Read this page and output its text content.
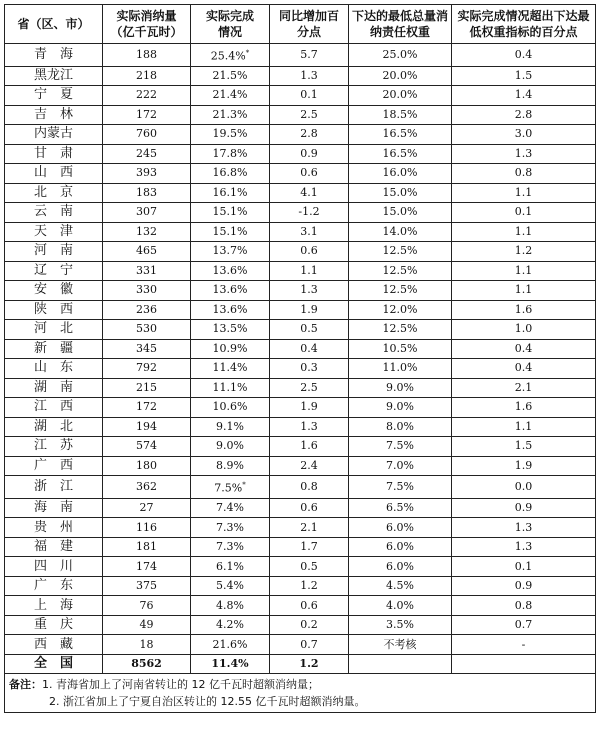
省（区、市）	实际消纳量（亿千瓦时）	实际完成情况	同比增加百分点	下达的最低总量消纳责任权重	实际完成情况超出下达最低权重指标的百分点
青　海	188	25.4%*	5.7	25.0%	0.4
黑龙江	218	21.5%	1.3	20.0%	1.5
宁　夏	222	21.4%	0.1	20.0%	1.4
吉　林	172	21.3%	2.5	18.5%	2.8
内蒙古	760	19.5%	2.8	16.5%	3.0
甘　肃	245	17.8%	0.9	16.5%	1.3
山　西	393	16.8%	0.6	16.0%	0.8
北　京	183	16.1%	4.1	15.0%	1.1
云　南	307	15.1%	-1.2	15.0%	0.1
天　津	132	15.1%	3.1	14.0%	1.1
河　南	465	13.7%	0.6	12.5%	1.2
辽　宁	331	13.6%	1.1	12.5%	1.1
安　徽	330	13.6%	1.3	12.5%	1.1
陕　西	236	13.6%	1.9	12.0%	1.6
河　北	530	13.5%	0.5	12.5%	1.0
新　疆	345	10.9%	0.4	10.5%	0.4
山　东	792	11.4%	0.3	11.0%	0.4
湖　南	215	11.1%	2.5	9.0%	2.1
江　西	172	10.6%	1.9	9.0%	1.6
湖　北	194	9.1%	1.3	8.0%	1.1
江　苏	574	9.0%	1.6	7.5%	1.5
广　西	180	8.9%	2.4	7.0%	1.9
浙　江	362	7.5%*	0.8	7.5%	0.0
海　南	27	7.4%	0.6	6.5%	0.9
贵　州	116	7.3%	2.1	6.0%	1.3
福　建	181	7.3%	1.7	6.0%	1.3
四　川	174	6.1%	0.5	6.0%	0.1
广　东	375	5.4%	1.2	4.5%	0.9
上　海	76	4.8%	0.6	4.0%	0.8
重　庆	49	4.2%	0.2	3.5%	0.7
西　藏	18	21.6%	0.7	不考核	-
全　国	8562	11.4%	1.2		
备注：1. 青海省加上了河南省转让的 12 亿千瓦时超额消纳量；
2. 浙江省加上了宁夏自治区转让的 12.55 亿千瓦时超额消纳量。					
